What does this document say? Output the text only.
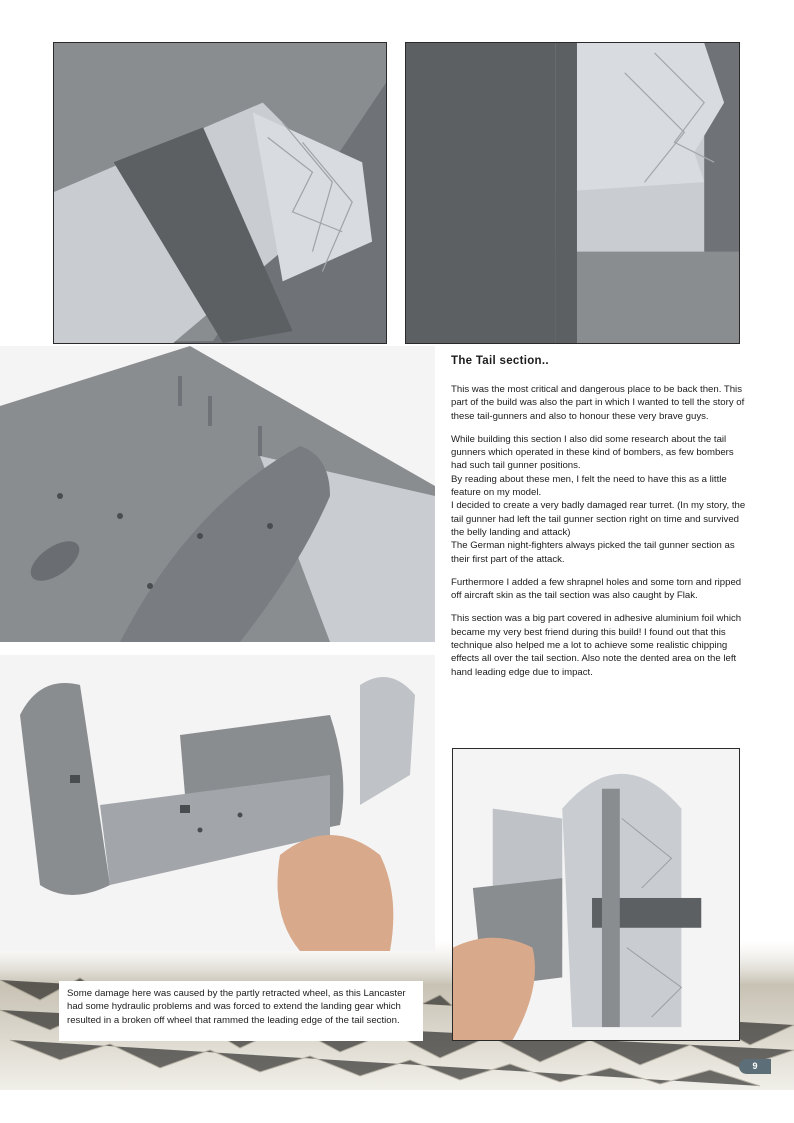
The Tail section..

This was the most critical and dangerous place to be back then. This part of the build was also the part in which I wanted to tell the story of these tail-gunners and also to honour these very brave guys.

While building this section I also did some research about the tail gunners which operated in these kind of bombers, as few bombers had such tail gunner positions.
By reading about these men, I felt the need to have this as a little feature on my model.
I decided to create a very badly damaged rear turret. (In my story, the tail gunner had left the tail gunner section right on time and survived the belly landing and attack)
The German night-fighters always picked the tail gunner section as their first part of the attack.

Furthermore I added a few shrapnel holes and some torn and ripped off aircraft skin as the tail section was also caught by Flak.

This section was a big part covered in adhesive aluminium foil which became my very best friend during this build! I found out that this technique also helped me a lot to achieve some realistic chipping effects all over the tail section. Also note the dented area on the left hand leading edge due to impact.

Some damage here was caused by the partly retracted wheel, as this Lancaster had some hydraulic problems and was forced to extend the landing gear which resulted in a broken off wheel that rammed the leading edge of the tail section.

9
